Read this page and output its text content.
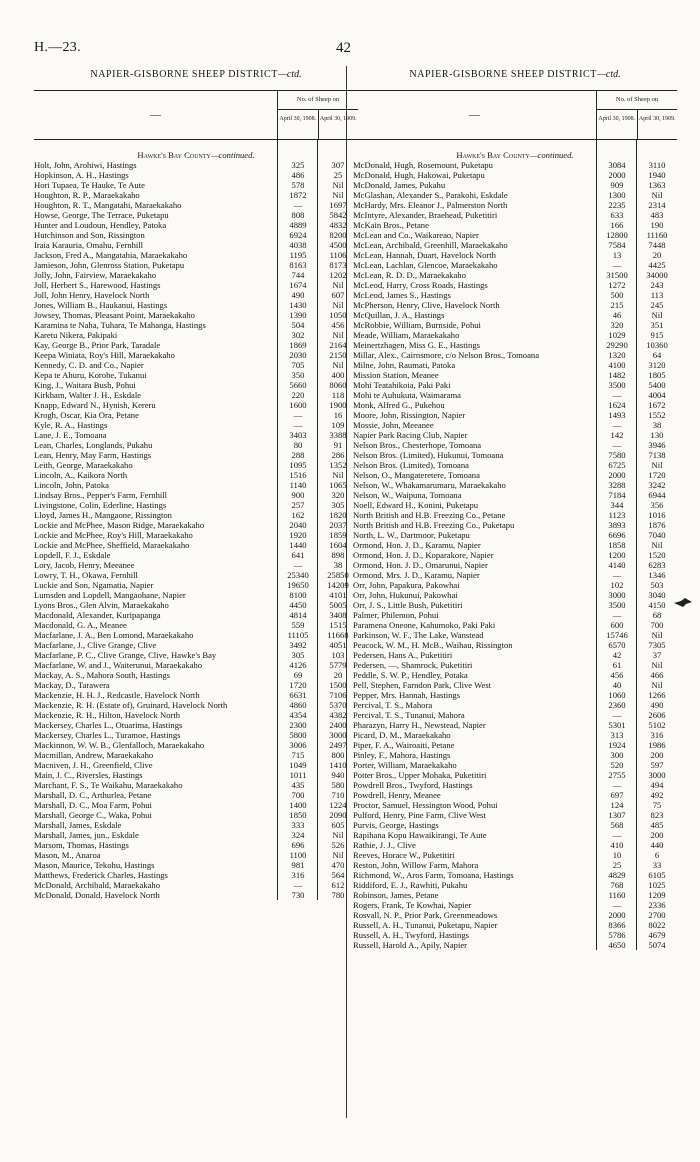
H.—23.	42
NAPIER-GISBORNE SHEEP DISTRICT—ctd.
—
No. of Sheep on
April 30, 1908. April 30, 1909.
Hawke's Bay County—continued.
Holt, John, Arohiwi, Hastings	325	307
Hopkinson, A. H., Hastings	486	25
Hori Tupaea, Te Hauke, Te Aute	578	Nil
Houghton, R. P., Maraekakaho	1872	Nil
Houghton, R. T., Mangatahi, Maraekakaho	—	1697
Howse, George, The Terrace, Puketapu	808	5842
Hunter and Loudoun, Hendley, Patoka	4889	4832
Hutchinson and Son, Rissington	6924	8200
Iraia Karauria, Omahu, Fernhill	4038	4500
Jackson, Fred A., Mangatahia, Maraekakaho	1195	1106
Jamieson, John, Glenross Station, Puketapu	8163	8173
Jolly, John, Fairview, Maraekakaho	744	1202
Joll, Herbert S., Harewood, Hastings	1674	Nil
Joll, John Henry, Havelock North	490	607
Jones, William B., Haukanui, Hastings	1430	Nil
Jowsey, Thomas, Pleasant Point, Maraekakaho	1390	1050
Karamina te Naha, Tuhara, Te Mahanga, Hastings	504	456
Karetu Nikera, Pakipaki	302	Nil
Kay, George B., Prior Park, Taradale	1869	2164
Keepa Winiata, Roy's Hill, Maraekakaho	2030	2150
Kennedy, C. D. and Co., Napier	705	Nil
Kepa te Ahuru, Korohe, Tukanui	350	400
King, J., Waitara Bush, Pohui	5660	8060
Kirkham, Walter J. H., Eskdale	220	118
Knapp, Edward N., Hynish, Kereru	1600	1900
Krogh, Oscar, Kia Ora, Petane	—	16
Kyle, R. A., Hastings	—	109
Lane, J. E., Tomoana	3403	3388
Lean, Charles, Longlands, Pukahu	80	91
Lean, Henry, May Farm, Hastings	288	286
Leith, George, Maraekakaho	1095	1352
Lincoln, A., Kaikora North	1516	Nil
Lincoln, John, Patoka	1140	1065
Lindsay Bros., Pepper's Farm, Fernhill	900	320
Livingstone, Colin, Ederline, Hastings	257	305
Lloyd, James H., Mangaone, Rissington	162	1820
Lockie and McPhee, Mason Ridge, Maraekakaho	2040	2037
Lockie and McPhee, Roy's Hill, Maraekakaho	1920	1859
Lockie and McPhee, Sheffield, Maraekakaho	1440	1604
Lopdell, F. J., Eskdale	641	898
Lory, Jacob, Henry, Meeanee	—	38
Lowry, T. H., Okawa, Fernhill	25340	25850
Luckie and Son, Ngamatia, Napier	19650	14209
Lumsden and Lopdell, Mangaohane, Napier	8100	4101
Lyons Bros., Glen Alvin, Maraekakaho	4450	5005
Macdonald, Alexander, Kuripapanga	4814	3408
Macdonald, G. A., Meanee	559	1515
Macfarlane, J. A., Ben Lomond, Maraekakaho	11105	11668
Macfarlane, J., Clive Grange, Clive	3492	4051
Macfarlane, P. C., Clive Grange, Clive, Hawke's Bay	305	103
Macfarlane, W. and J., Waiterunui, Maraekakaho	4126	5779
Mackay, A. S., Mahora South, Hastings	69	20
Mackay, D., Tarawera	1720	1500
Mackenzie, H. H. J., Redcastle, Havelock North	6631	7106
Mackenzie, R. H. (Estate of), Gruinard, Havelock North	4860	5370
Mackenzie, R. H., Hilton, Havelock North	4354	4382
Mackersey, Charles L., Otuarima, Hastings	2300	2400
Mackersey, Charles L., Turamoe, Hastings	5800	3000
Mackinnon, W. W. B., Glenfalloch, Maraekakaho	3006	2497
Macmillan, Andrew, Maraekakaho	715	800
Macniven, J. H., Greenfield, Clive	1049	1410
Main, J. C., Riversles, Hastings	1011	940
Marchant, F. S., Te Waikahu, Maraekakaho	435	580
Marshall, D. C., Arthurlea, Petane	700	710
Marshall, D. C., Moa Farm, Pohui	1400	1224
Marshall, George C., Waka, Pohui	1850	2090
Marshall, James, Eskdale	333	605
Marshall, James, jun., Eskdale	324	Nil
Marsom, Thomas, Hastings	696	526
Mason, M., Anaroa	1100	Nil
Mason, Maurice, Tekohu, Hastings	981	470
Matthews, Frederick Charles, Hastings	316	564
McDonald, Archibald, Maraekakaho	—	612
McDonald, Donald, Havelock North	730	780
NAPIER-GISBORNE SHEEP DISTRICT—ctd.
—
No. of Sheep on
April 30, 1908. April 30, 1909.
Hawke's Bay County—continued.
McDonald, Hugh, Rosemount, Puketapu	3084	3110
McDonald, Hugh, Hakowai, Puketapu	2000	1940
McDonald, James, Pukahu	909	1363
McGlashan, Alexander S., Parakohi, Eskdale	1300	Nil
McHardy, Mrs. Eleanor J., Palmerston North	2235	2314
McIntyre, Alexander, Braehead, Puketitiri	633	483
McKain Bros., Petane	166	190
McLean and Co., Waikareao, Napier	12800	11160
McLean, Archibald, Greenhill, Maraekakaho	7584	7448
McLean, Hannah, Duart, Havelock North	13	20
McLean, Lachlan, Glencoe, Maraekakaho	—	4425
McLean, R. D. D., Maraekakaho	31500	34000
McLeod, Harry, Cross Roads, Hastings	1272	243
McLeod, James S., Hastings	500	113
McPherson, Henry, Clive, Havelock North	215	245
McQuillan, J. A., Hastings	46	Nil
McRobbie, William, Burnside, Pohui	320	351
Meade, William, Maraekakaho	1029	915
Meinertzhagen, Miss G. E., Hastings	29290	10360
Millar, Alex., Cairnsmore, c/o Nelson Bros., Tomoana	1320	64
Milne, John, Raumati, Patoka	4100	3120
Mission Station, Meanee	1482	1805
Mohi Teatahikoia, Paki Paki	3500	5400
Mohi te Auhukuta, Waimarama	—	4004
Monk, Alfred G., Pukehou	1624	1672
Moore, John, Rissington, Napier	1493	1552
Mossie, John, Meeanee	—	38
Napier Park Racing Club, Napier	142	130
Nelson Bros., Chesterhope, Tomoana	—	3946
Nelson Bros. (Limited), Hukunui, Tomoana	7580	7138
Nelson Bros. (Limited), Tomoana	6725	Nil
Nelson, O., Mangateretere, Tomoana	2000	1720
Nelson, W., Whakamarumaru, Maraekakaho	3288	3242
Nelson, W., Waipuna, Tomoana	7184	6944
Noell, Edward H., Konini, Puketapu	344	356
North British and H.B. Freezing Co., Petane	1123	1016
North British and H.B. Freezing Co., Puketapu	3893	1876
North, L. W., Dartmoor, Puketapu	6696	7040
Ormond, Hon. J. D., Karamu, Napier	1858	Nil
Ormond, Hon. J. D., Koparakore, Napier	1200	1520
Ormond, Hon. J. D., Omarunui, Napier	4140	6283
Ormond, Mrs. J. D., Karamu, Napier	—	1346
Orr, John, Papakura, Pakowhai	102	503
Orr, John, Hukunui, Pakowhai	3000	3040
Orr, J. S., Little Bush, Puketitiri	3500	4150
Palmer, Philemon, Pohui	—	68
Paramena Oneone, Kahumoko, Paki Paki	600	700
Parkinson, W. F., The Lake, Wanstead	15746	Nil
Peacock, W. M., H. McB., Waihau, Rissington	6570	7305
Pedersen, Hans A., Puketitiri	42	37
Pedersen, —, Shamrock, Puketitiri	61	Nil
Peddle, S. W. P., Hendley, Potaka	456	466
Pell, Stephen, Farndon Park, Clive West	40	Nil
Pepper, Mrs. Hannah, Hastings	1060	1266
Percival, T. S., Mahora	2360	490
Percival, T. S., Tunanui, Mahora	—	2606
Pharazyn, Harry H., Newstead, Napier	5301	5102
Picard, D. M., Maraekakaho	313	316
Piper, F. A., Wairoaiti, Petane	1924	1986
Pinley, F., Mahora, Hastings	300	200
Porter, William, Maraekakaho	520	597
Potter Bros., Upper Mohaka, Puketitiri	2755	3000
Powdrell Bros., Twyford, Hastings	—	494
Powdrell, Henry, Meanee	697	492
Proctor, Samuel, Hessington Wood, Pohui	124	75
Pulford, Henry, Pine Farm, Clive West	1307	823
Purvis, George, Hastings	568	485
Rapihana Kopu Hawaikirangi, Te Aute	—	200
Rathie, J. J., Clive	410	440
Reeves, Horace W., Puketitiri	10	6
Reston, John, Willow Farm, Mahora	25	33
Richmond, W., Aros Farm, Tomoana, Hastings	4829	6105
Riddiford, E. J., Rawhiti, Pukahu	768	1025
Robinson, James, Petane	1160	1209
Rogers, Frank, Te Kowhai, Napier	—	2336
Rosvall, N. P., Prior Park, Greenmeadows	2000	2700
Russell, A. H., Tunanui, Puketapu, Napier	8366	8022
Russell, A. H., Twyford, Hastings	5786	4679
Russell, Harold A., Apily, Napier	4650	5074
